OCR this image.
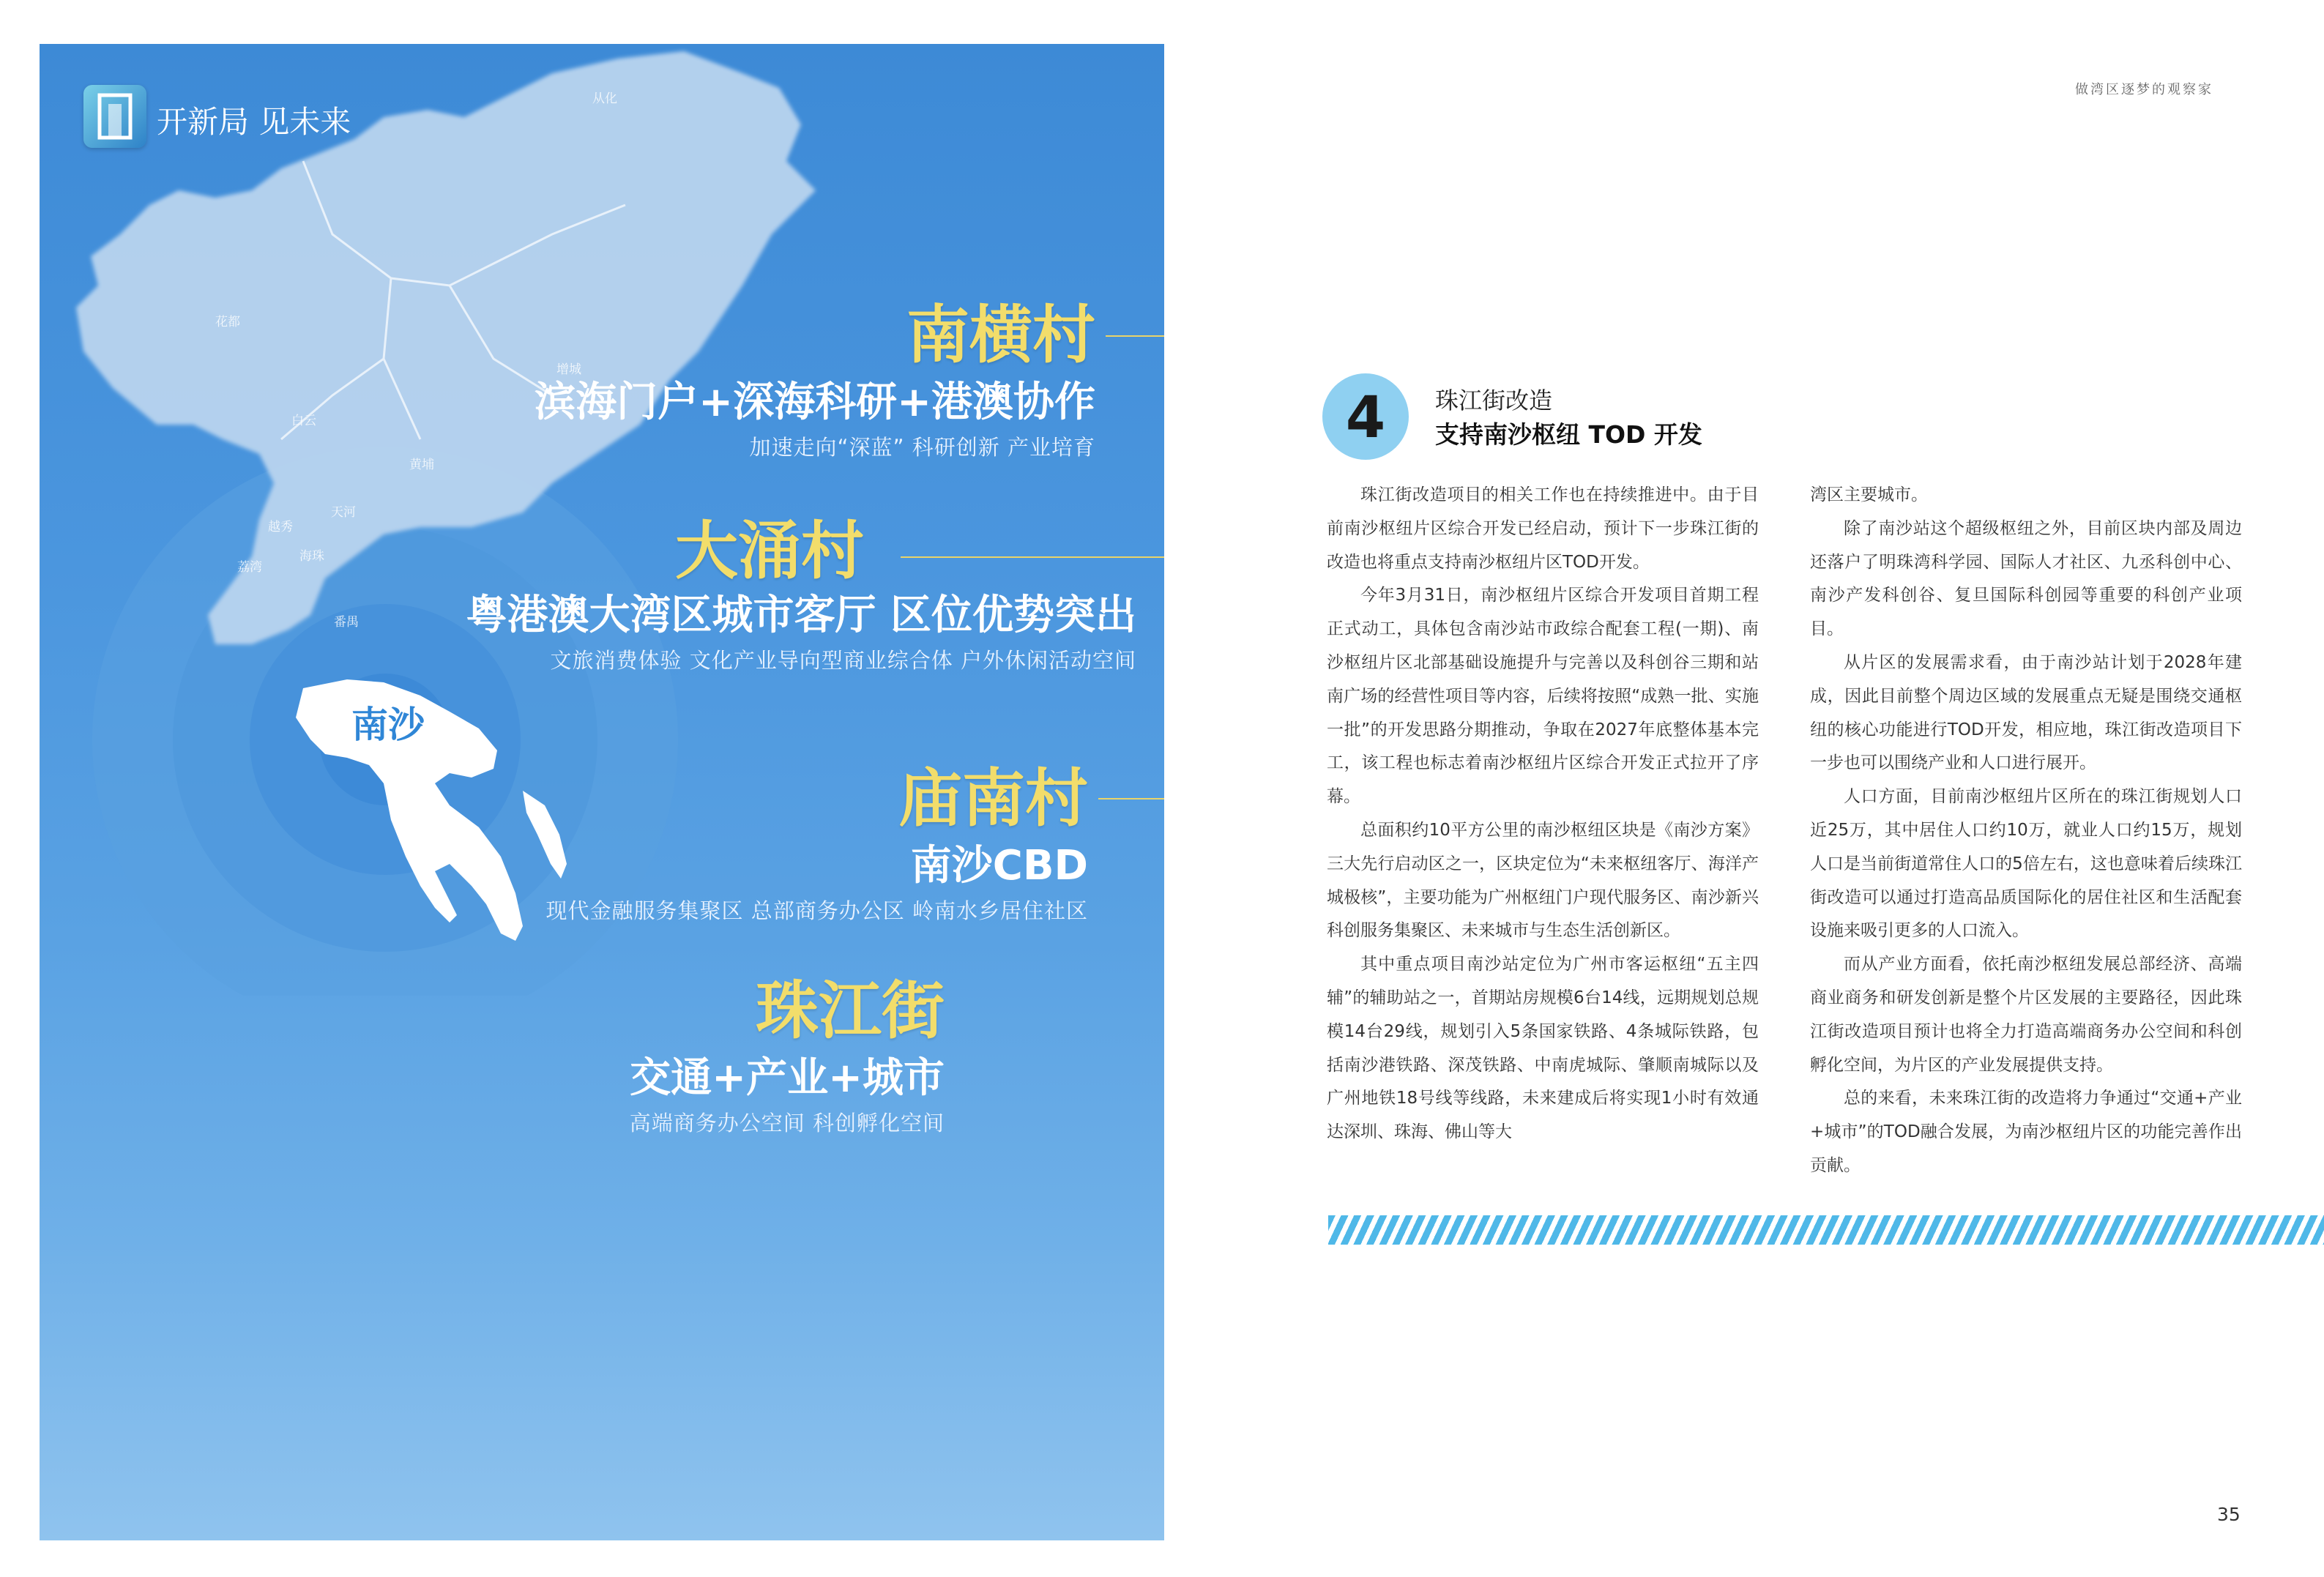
从化
花都
增城
白云
黄埔
越秀
天河
荔湾
海珠
番禺
南沙
开新局 见未来
南横村
滨海门户+深海科研+港澳协作
加速走向“深蓝” 科研创新 产业培育
大涌村
粤港澳大湾区城市客厅 区位优势突出
文旅消费体验 文化产业导向型商业综合体 户外休闲活动空间
庙南村
南沙CBD
现代金融服务集聚区 总部商务办公区 岭南水乡居住社区
珠江街
交通+产业+城市
高端商务办公空间 科创孵化空间
做湾区逐梦的观察家
4	珠江街改造
支持南沙枢纽 TOD 开发

珠江街改造项目的相关工作也在持续推进中。由于目前南沙枢纽片区综合开发已经启动，预计下一步珠江街的改造也将重点支持南沙枢纽片区TOD开发。

今年3月31日，南沙枢纽片区综合开发项目首期工程正式动工，具体包含南沙站市政综合配套工程(一期)、南沙枢纽片区北部基础设施提升与完善以及科创谷三期和站南广场的经营性项目等内容，后续将按照“成熟一批、实施一批”的开发思路分期推动，争取在2027年底整体基本完工，该工程也标志着南沙枢纽片区综合开发正式拉开了序幕。

总面积约10平方公里的南沙枢纽区块是《南沙方案》三大先行启动区之一，区块定位为“未来枢纽客厅、海洋产城极核”，主要功能为广州枢纽门户现代服务区、南沙新兴科创服务集聚区、未来城市与生态生活创新区。

其中重点项目南沙站定位为广州市客运枢纽“五主四辅”的辅助站之一，首期站房规模6台14线，远期规划总规模14台29线，规划引入5条国家铁路、4条城际铁路，包括南沙港铁路、深茂铁路、中南虎城际、肇顺南城际以及广州地铁18号线等线路，未来建成后将实现1小时有效通达深圳、珠海、佛山等大

湾区主要城市。

除了南沙站这个超级枢纽之外，目前区块内部及周边还落户了明珠湾科学园、国际人才社区、九丞科创中心、南沙产发科创谷、复旦国际科创园等重要的科创产业项目。

从片区的发展需求看，由于南沙站计划于2028年建成，因此目前整个周边区域的发展重点无疑是围绕交通枢纽的核心功能进行TOD开发，相应地，珠江街改造项目下一步也可以围绕产业和人口进行展开。

人口方面，目前南沙枢纽片区所在的珠江街规划人口近25万，其中居住人口约10万，就业人口约15万，规划人口是当前街道常住人口的5倍左右，这也意味着后续珠江街改造可以通过打造高品质国际化的居住社区和生活配套设施来吸引更多的人口流入。

而从产业方面看，依托南沙枢纽发展总部经济、高端商业商务和研发创新是整个片区发展的主要路径，因此珠江街改造项目预计也将全力打造高端商务办公空间和科创孵化空间，为片区的产业发展提供支持。

总的来看，未来珠江街的改造将力争通过“交通+产业+城市”的TOD融合发展，为南沙枢纽片区的功能完善作出贡献。

35
